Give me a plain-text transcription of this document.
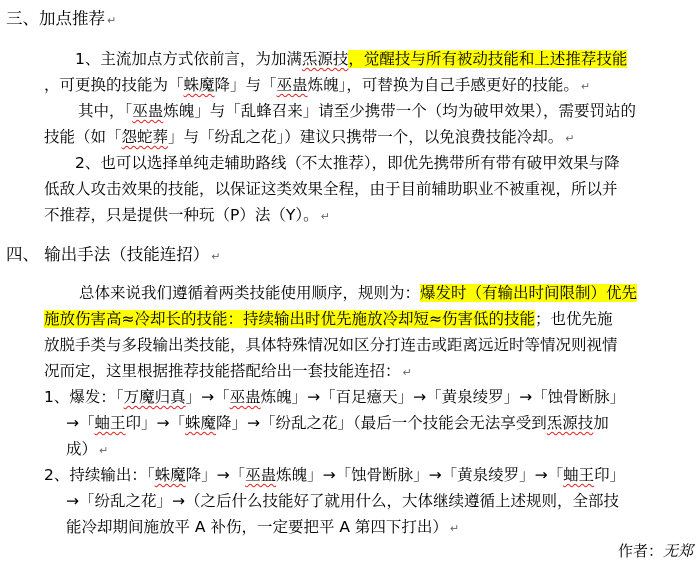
三、加点推荐 ↵
1、主流加点方式依前言，为加满炁源技，觉醒技与所有被动技能和上述推荐技能
，可更换的技能为「蛛魔降」与「巫蛊炼魄」，可替换为自己手感更好的技能。 ↵
其中，「巫蛊炼魄」与「乱蜂召来」请至少携带一个（均为破甲效果），需要罚站的
技能（如「怨蛇葬」与「纷乱之花」）建议只携带一个，以免浪费技能冷却。 ↵
2、也可以选择单纯走辅助路线（不太推荐），即优先携带所有带有破甲效果与降
低敌人攻击效果的技能，以保证这类效果全程，由于目前辅助职业不被重视，所以并
不推荐，只是提供一种玩（P）法（Y）。 ↵
四、 输出手法（技能连招） ↵
总体来说我们遵循着两类技能使用顺序，规则为：爆发时（有输出时间限制）优先
施放伤害高≈冷却长的技能：持续输出时优先施放冷却短≈伤害低的技能；也优先施
放脱手类与多段输出类技能，具体特殊情况如区分打连击或距离远近时等情况则视情
况而定，这里根据推荐技能搭配给出一套技能连招： ↵
1、爆发：「万魔归真」→「巫蛊炼魄」→「百足癔天」→「黄泉绫罗」→「蚀骨断脉」
→「蚰王印」→「蛛魔降」→「纷乱之花」（最后一个技能会无法享受到炁源技加
成） ↵
2、持续输出：「蛛魔降」→「巫蛊炼魄」→「蚀骨断脉」→「黄泉绫罗」→「蚰王印」
→「纷乱之花」→（之后什么技能好了就用什么，大体继续遵循上述规则，全部技
能冷却期间施放平 A 补伤，一定要把平 A 第四下打出） ↵
作者：无郑
